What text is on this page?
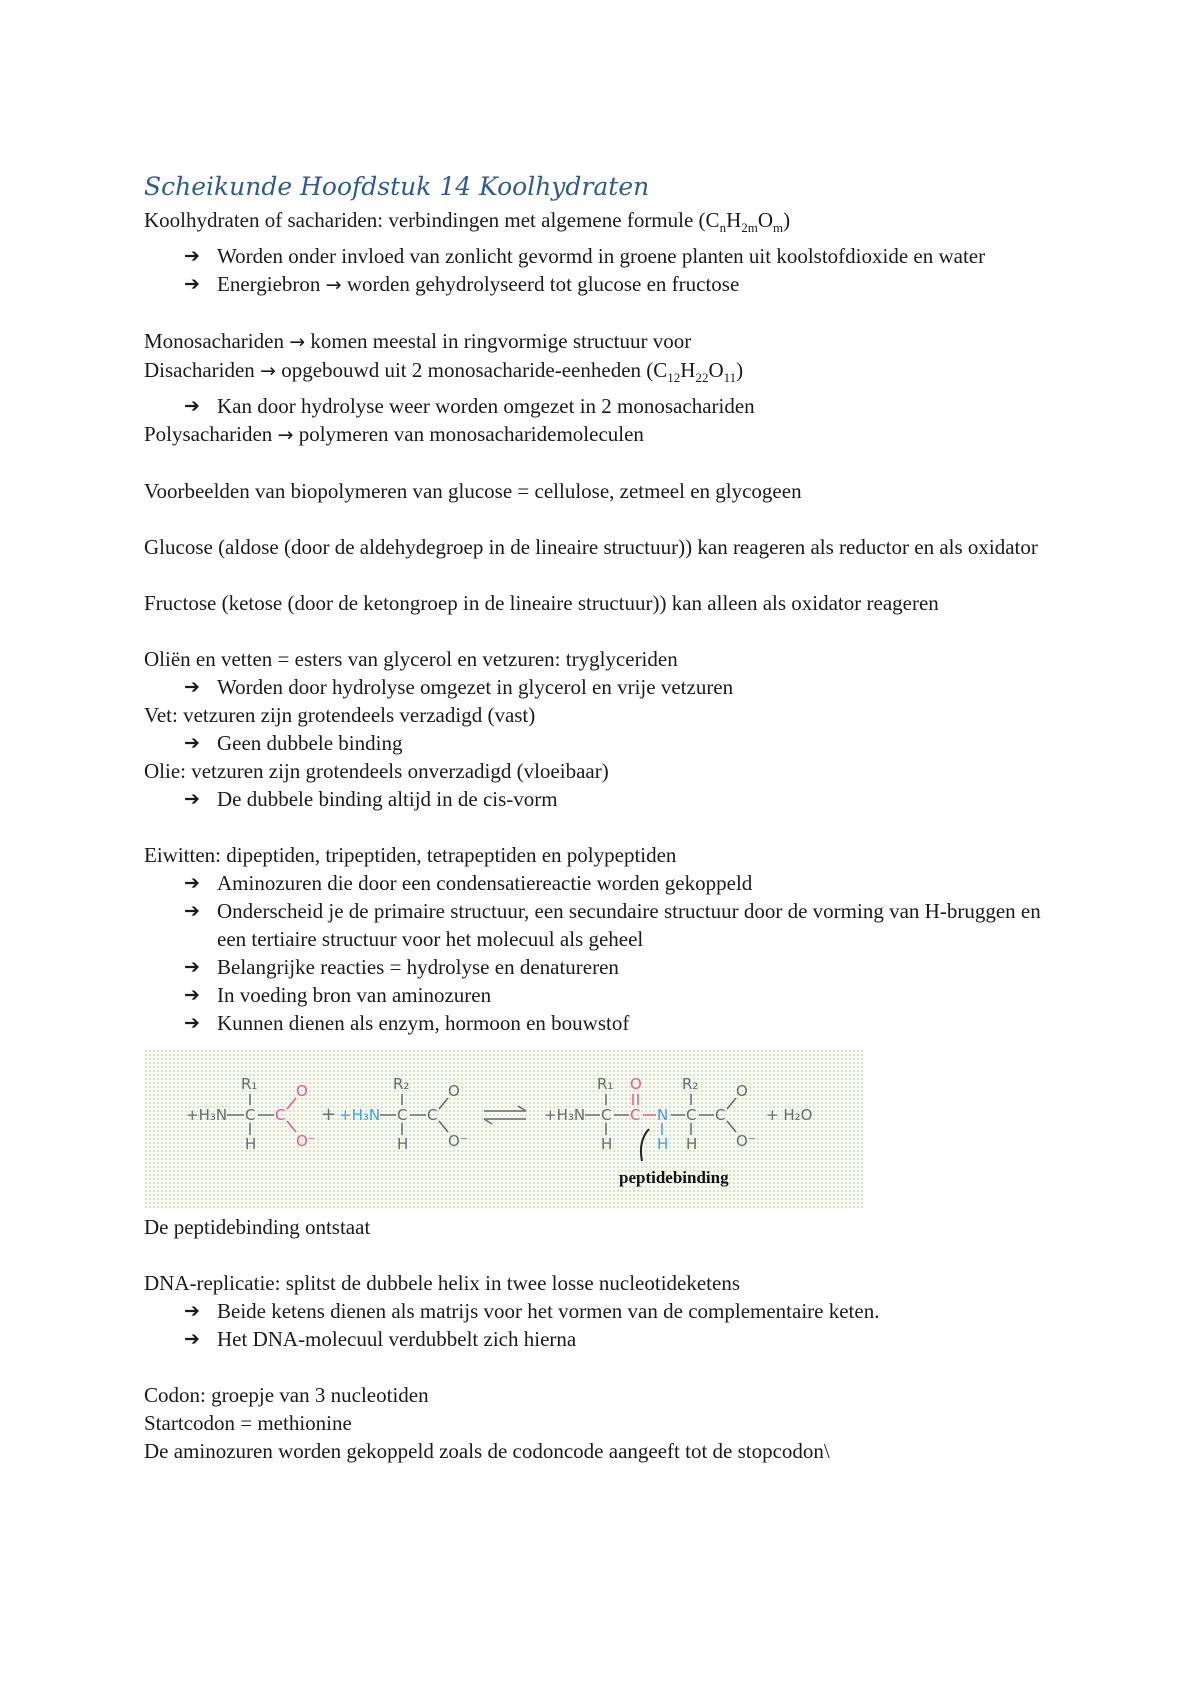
Scheikunde Hoofdstuk 14 Koolhydraten
Koolhydraten of sachariden: verbindingen met algemene formule $(C_nH_{2m}O_m)$
➔ Worden onder invloed van zonlicht gevormd in groene planten uit koolstofdioxide en water
➔ Energiebron → worden gehydrolyseerd tot glucose en fructose
Monosachariden → komen meestal in ringvormige structuur voor
Disachariden → opgebouwd uit 2 monosacharide-eenheden $(C_{12}H_{22}O_{11})$
➔ Kan door hydrolyse weer worden omgezet in 2 monosachariden
Polysachariden → polymeren van monosacharidemoleculen
Voorbeelden van biopolymeren van glucose = cellulose, zetmeel en glycogeen
Glucose (aldose (door de aldehydegroep in de lineaire structuur)) kan reageren als reductor en als oxidator
Fructose (ketose (door de ketongroep in de lineaire structuur)) kan alleen als oxidator reageren
Oliën en vetten = esters van glycerol en vetzuren: tryglyceriden
➔ Worden door hydrolyse omgezet in glycerol en vrije vetzuren
Vet: vetzuren zijn grotendeels verzadigd (vast)
➔ Geen dubbele binding
Olie: vetzuren zijn grotendeels onverzadigd (vloeibaar)
➔ De dubbele binding altijd in de cis-vorm
Eiwitten: dipeptiden, tripeptiden, tetrapeptiden en polypeptiden
➔ Aminozuren die door een condensatiereactie worden gekoppeld
➔ Onderscheid je de primaire structuur, een secundaire structuur door de vorming van H-bruggen en een tertiaire structuur voor het molecuul als geheel
➔ Belangrijke reacties = hydrolyse en denatureren
➔ In voeding bron van aminozuren
➔ Kunnen dienen als enzym, hormoon en bouwstof
+H₃N C
R₁
H
C
O
O⁻
+ +H₃N C
R₂
H
C
O
O⁻
+H₃N C
R₁
H
C
O
N
H
C
R₂
H
C
O
O⁻
+ H₂O
peptidebinding
De peptidebinding ontstaat
DNA-replicatie: splitst de dubbele helix in twee losse nucleotideketens
➔ Beide ketens dienen als matrijs voor het vormen van de complementaire keten.
➔ Het DNA-molecuul verdubbelt zich hierna
Codon: groepje van 3 nucleotiden
Startcodon = methionine
De aminozuren worden gekoppeld zoals de codoncode aangeeft tot de stopcodon\
